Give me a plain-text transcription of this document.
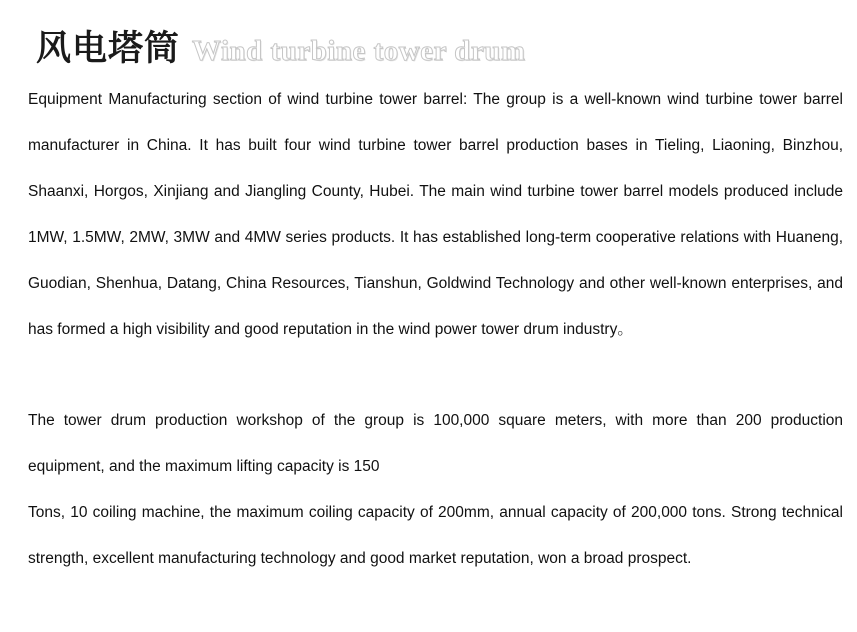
风电塔筒 Wind turbine tower drum

Equipment Manufacturing section of wind turbine tower barrel: The group is a well-known wind turbine tower barrel manufacturer in China. It has built four wind turbine tower barrel production bases in Tieling, Liaoning, Binzhou, Shaanxi, Horgos, Xinjiang and Jiangling County, Hubei. The main wind turbine tower barrel models produced include 1MW, 1.5MW, 2MW, 3MW and 4MW series products. It has established long-term cooperative relations with Huaneng, Guodian, Shenhua, Datang, China Resources, Tianshun, Goldwind Technology and other well-known enterprises, and has formed a high visibility and good reputation in the wind power tower drum industry。

The tower drum production workshop of the group is 100,000 square meters, with more than 200 production equipment, and the maximum lifting capacity is 150

Tons, 10 coiling machine, the maximum coiling capacity of 200mm, annual capacity of 200,000 tons. Strong technical strength, excellent manufacturing technology and good market reputation, won a broad prospect.
